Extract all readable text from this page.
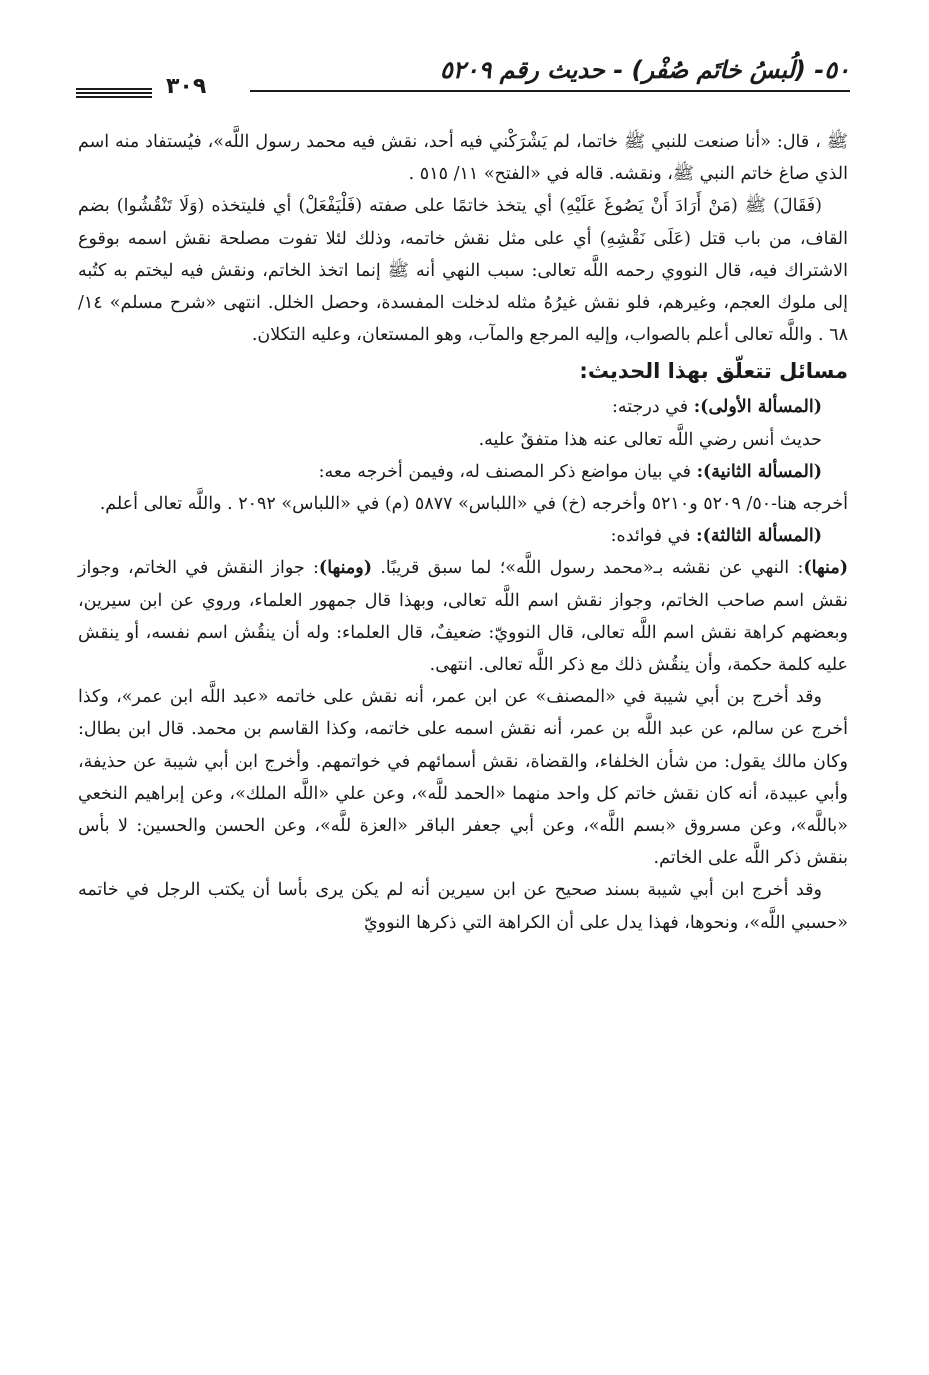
٥٠- (لُبسُ خاتَم صُفْر) - حديث رقم ٥٢٠٩
٣٠٩

ﷺ ، قال: «أنا صنعت للنبي ﷺ خاتما، لم يَشْرَكْني فيه أحد، نقش فيه محمد رسول اللَّه»، فيُستفاد منه اسم الذي صاغ خاتم النبي ﷺ، ونقشه. قاله في «الفتح» ١١/ ٥١٥ .

(فَقَالَ) ﷺ (مَنْ أَرَادَ أَنْ يَصُوغَ عَلَيْهِ) أي يتخذ خاتمًا على صفته (فَلْيَفْعَلْ) أي فليتخذه (وَلَا تَنْقُشُوا) بضم القاف، من باب قتل (عَلَى نَقْشِهِ) أي على مثل نقش خاتمه، وذلك لئلا تفوت مصلحة نقش اسمه بوقوع الاشتراك فيه، قال النووي رحمه اللَّه تعالى: سبب النهي أنه ﷺ إنما اتخذ الخاتم، ونقش فيه ليختم به كتُبه إلى ملوك العجم، وغيرهم، فلو نقش غيرُهُ مثله لدخلت المفسدة، وحصل الخلل. انتهى «شرح مسلم» ١٤/ ٦٨ . واللَّه تعالى أعلم بالصواب، وإليه المرجع والمآب، وهو المستعان، وعليه التكلان.

مسائل تتعلّق بهذا الحديث:

(المسألة الأولى): في درجته:

حديث أنس رضي اللَّه تعالى عنه هذا متفقٌ عليه.

(المسألة الثانية): في بيان مواضع ذكر المصنف له، وفيمن أخرجه معه:

أخرجه هنا-٥٠/ ٥٢٠٩ و٥٢١٠ وأخرجه (خ) في «اللباس» ٥٨٧٧ (م) في «اللباس» ٢٠٩٢ . واللَّه تعالى أعلم.

(المسألة الثالثة): في فوائده:

(منها): النهي عن نقشه بـ«محمد رسول اللَّه»؛ لما سبق قريبًا. (ومنها): جواز النقش في الخاتم، وجواز نقش اسم صاحب الخاتم، وجواز نقش اسم اللَّه تعالى، وبهذا قال جمهور العلماء، وروي عن ابن سيرين، وبعضهم كراهة نقش اسم اللَّه تعالى، قال النوويّ: ضعيفٌ، قال العلماء: وله أن ينقُش اسم نفسه، أو ينقش عليه كلمة حكمة، وأن ينقُش ذلك مع ذكر اللَّه تعالى. انتهى.

وقد أخرج بن أبي شيبة في «المصنف» عن ابن عمر، أنه نقش على خاتمه «عبد اللَّه ابن عمر»، وكذا أخرج عن سالم، عن عبد اللَّه بن عمر، أنه نقش اسمه على خاتمه، وكذا القاسم بن محمد. قال ابن بطال: وكان مالك يقول: من شأن الخلفاء، والقضاة، نقش أسمائهم في خواتمهم. وأخرج ابن أبي شيبة عن حذيفة، وأبي عبيدة، أنه كان نقش خاتم كل واحد منهما «الحمد للَّه»، وعن علي «اللَّه الملك»، وعن إبراهيم النخعي «باللَّه»، وعن مسروق «بسم اللَّه»، وعن أبي جعفر الباقر «العزة للَّه»، وعن الحسن والحسين: لا بأس بنقش ذكر اللَّه على الخاتم.

وقد أخرج ابن أبي شيبة بسند صحيح عن ابن سيرين أنه لم يكن يرى بأسا أن يكتب الرجل في خاتمه «حسبي اللَّه»، ونحوها، فهذا يدل على أن الكراهة التي ذكرها النوويّ
